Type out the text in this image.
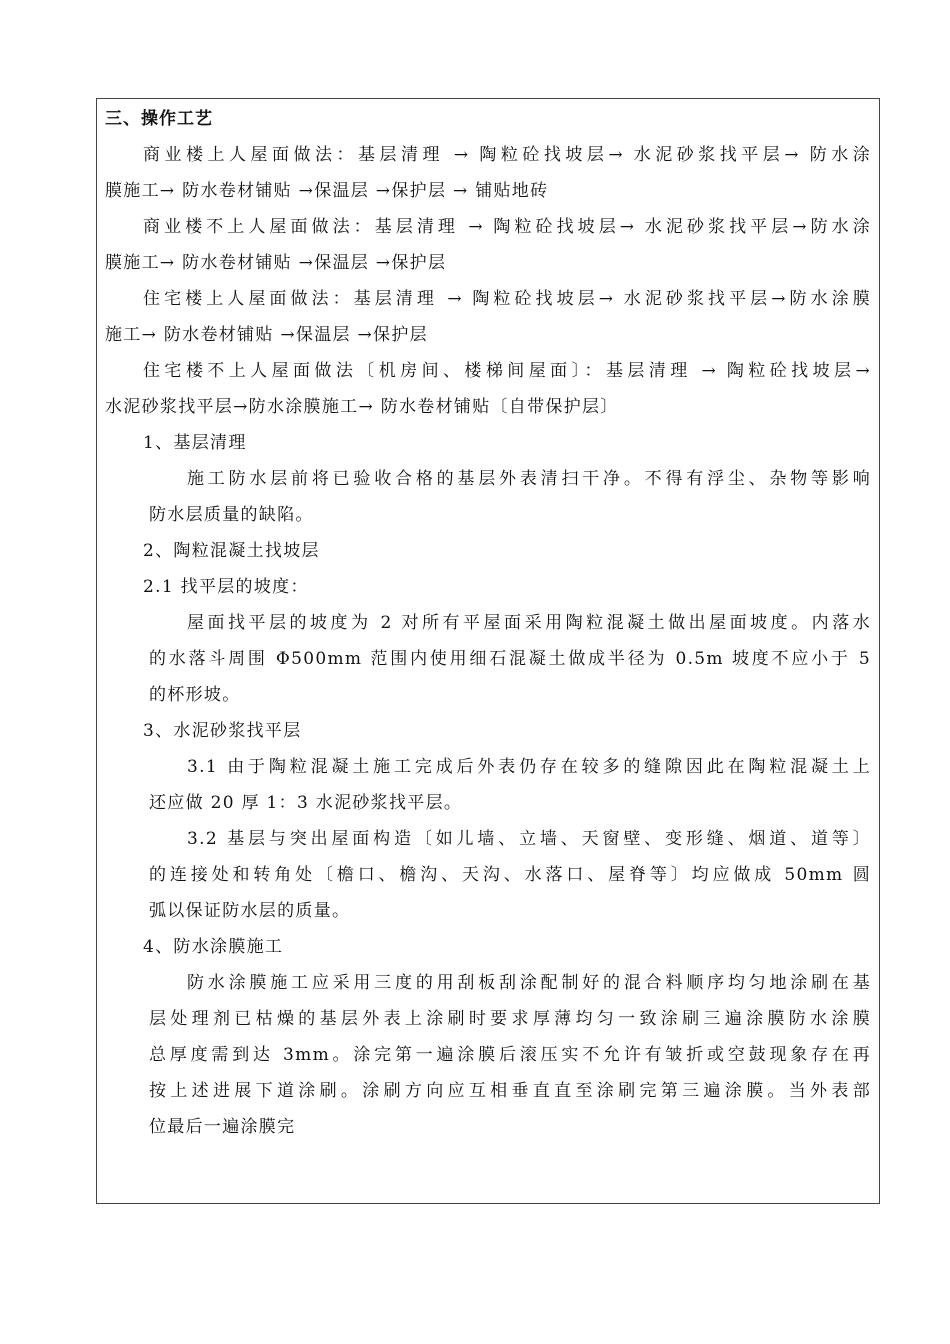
三、操作工艺
商业楼上人屋面做法：基层清理 → 陶粒砼找坡层→ 水泥砂浆找平层→ 防水涂
膜施工→ 防水卷材铺贴 →保温层 →保护层 → 铺贴地砖
商业楼不上人屋面做法：基层清理 → 陶粒砼找坡层→ 水泥砂浆找平层→防水涂
膜施工→ 防水卷材铺贴 →保温层 →保护层
住宅楼上人屋面做法：基层清理 → 陶粒砼找坡层→ 水泥砂浆找平层→防水涂膜
施工→ 防水卷材铺贴 →保温层 →保护层
住宅楼不上人屋面做法〔机房间、楼梯间屋面〕：基层清理 → 陶粒砼找坡层→
水泥砂浆找平层→防水涂膜施工→ 防水卷材铺贴〔自带保护层〕
1、基层清理
施工防水层前将已验收合格的基层外表清扫干净。不得有浮尘、杂物等影响
防水层质量的缺陷。
2、陶粒混凝土找坡层
2.1 找平层的坡度：
屋面找平层的坡度为 2 对所有平屋面采用陶粒混凝土做出屋面坡度。内落水
的水落斗周围 Φ500mm 范围内使用细石混凝土做成半径为 0.5m 坡度不应小于 5
的杯形坡。
3、水泥砂浆找平层
3.1 由于陶粒混凝土施工完成后外表仍存在较多的缝隙因此在陶粒混凝土上
还应做 20 厚 1：3 水泥砂浆找平层。
3.2 基层与突出屋面构造〔如儿墙、立墙、天窗壁、变形缝、烟道、道等〕
的连接处和转角处〔檐口、檐沟、天沟、水落口、屋脊等〕均应做成 50mm 圆
弧以保证防水层的质量。
4、防水涂膜施工
防水涂膜施工应采用三度的用刮板刮涂配制好的混合料顺序均匀地涂刷在基
层处理剂已枯燥的基层外表上涂刷时要求厚薄均匀一致涂刷三遍涂膜防水涂膜
总厚度需到达 3mm。涂完第一遍涂膜后滚压实不允许有皱折或空鼓现象存在再
按上述进展下道涂刷。涂刷方向应互相垂直直至涂刷完第三遍涂膜。当外表部
位最后一遍涂膜完
